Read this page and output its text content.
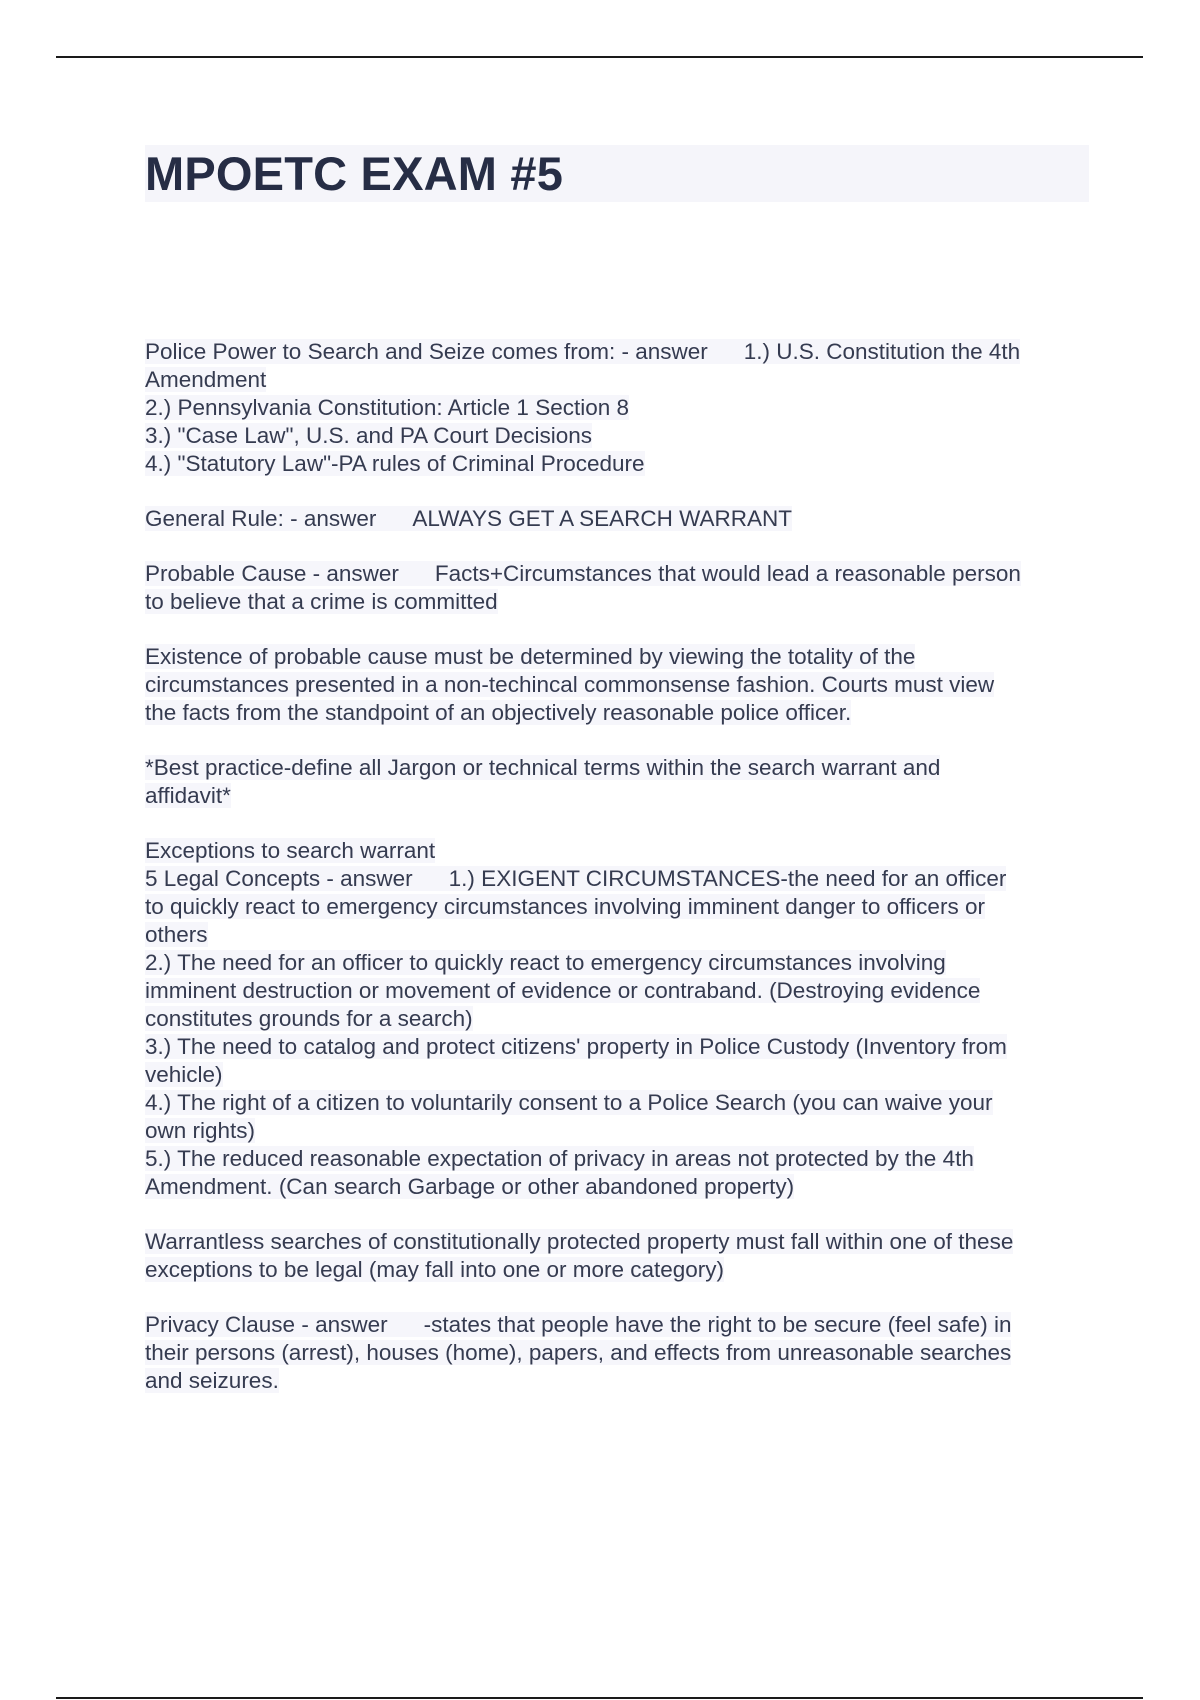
MPOETC EXAM #5
Police Power to Search and Seize comes from: - answer 1.) U.S. Constitution the 4th
Amendment
2.) Pennsylvania Constitution: Article 1 Section 8
3.) "Case Law", U.S. and PA Court Decisions
4.) "Statutory Law"-PA rules of Criminal Procedure
General Rule: - answer ALWAYS GET A SEARCH WARRANT
Probable Cause - answer Facts+Circumstances that would lead a reasonable person
to believe that a crime is committed
Existence of probable cause must be determined by viewing the totality of the
circumstances presented in a non-techincal commonsense fashion. Courts must view
the facts from the standpoint of an objectively reasonable police officer.
*Best practice-define all Jargon or technical terms within the search warrant and
affidavit*
Exceptions to search warrant
5 Legal Concepts - answer 1.) EXIGENT CIRCUMSTANCES-the need for an officer
to quickly react to emergency circumstances involving imminent danger to officers or
others
2.) The need for an officer to quickly react to emergency circumstances involving
imminent destruction or movement of evidence or contraband. (Destroying evidence
constitutes grounds for a search)
3.) The need to catalog and protect citizens' property in Police Custody (Inventory from
vehicle)
4.) The right of a citizen to voluntarily consent to a Police Search (you can waive your
own rights)
5.) The reduced reasonable expectation of privacy in areas not protected by the 4th
Amendment. (Can search Garbage or other abandoned property)
Warrantless searches of constitutionally protected property must fall within one of these
exceptions to be legal (may fall into one or more category)
Privacy Clause - answer -states that people have the right to be secure (feel safe) in
their persons (arrest), houses (home), papers, and effects from unreasonable searches
and seizures.
